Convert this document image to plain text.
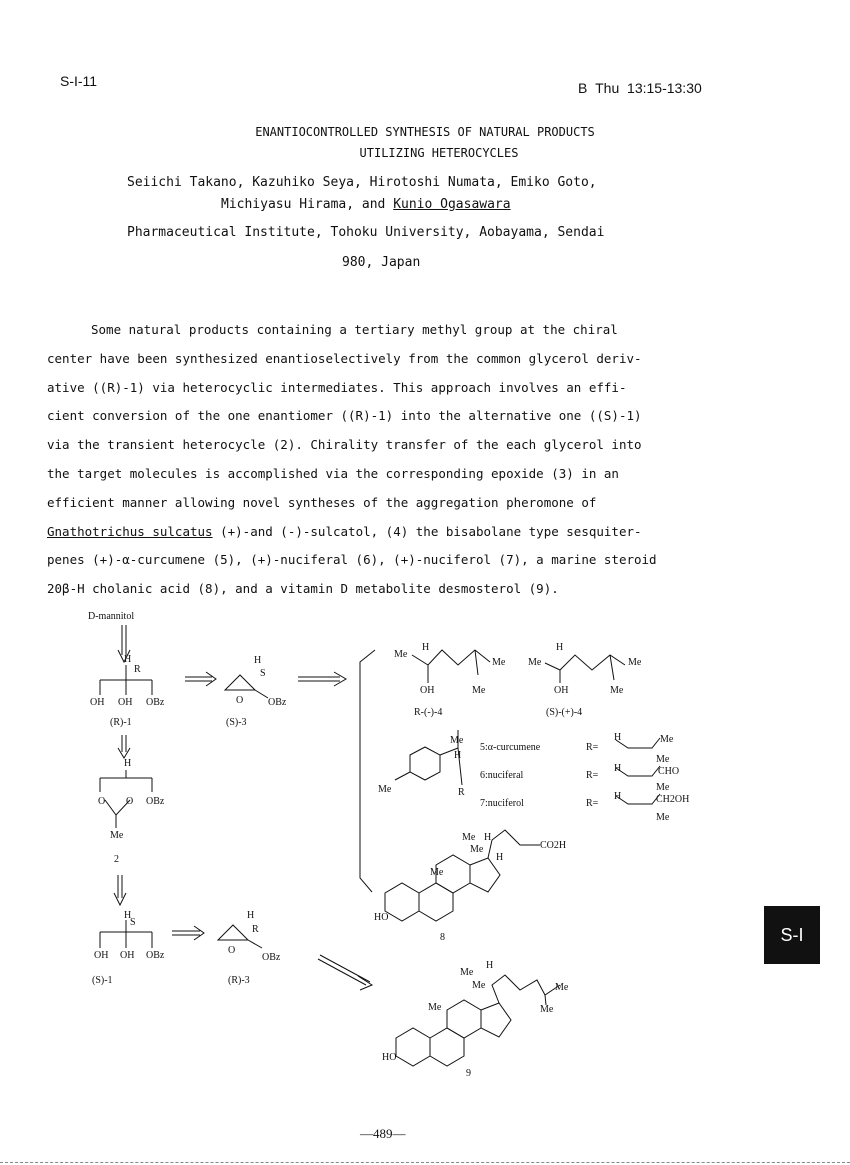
S-I-11	B Thu 13:15-13:30
ENANTIOCONTROLLED SYNTHESIS OF NATURAL PRODUCTS
UTILIZING HETEROCYCLES
Seiichi Takano, Kazuhiko Seya, Hirotoshi Numata, Emiko Goto,
Michiyasu Hirama, and Kunio Ogasawara
Pharmaceutical Institute, Tohoku University, Aobayama, Sendai
980, Japan
Some natural products containing a tertiary methyl group at the chiral
center have been synthesized enantioselectively from the common glycerol deriv-
ative ((R)-1) via heterocyclic intermediates. This approach involves an effi-
cient conversion of the one enantiomer ((R)-1) into the alternative one ((S)-1)
via the transient heterocycle (2). Chirality transfer of the each glycerol into
the target molecules is accomplished via the corresponding epoxide (3) in an
efficient manner allowing novel syntheses of the aggregation pheromone of
Gnathotrichus sulcatus (+)-and (-)-sulcatol, (4) the bisabolane type sesquiter-
penes (+)-α-curcumene (5), (+)-nuciferal (6), (+)-nuciferol (7), a marine steroid
20β-H cholanic acid (8), and a vitamin D metabolite desmosterol (9).
D-mannitol
H
R
OH OH OBz
(R)-1
H
S
O OBz
(S)-3
H
O O OBz
Me
2
H
S
OH OH OBz
(S)-1
H
R
O
OBz
(R)-3
Me
H
Me
OH	Me
R-(-)-4
Me
H
Me
OH	Me
(S)-(+)-4
Me
H
Me	R
5:α-curcumene
6:nuciferal
7:nuciferol
R=
R=
R=
H	Me
Me
H	CHO
Me
H	CH2OH
Me
Me H
Me
H
CO2H
Me
HO
8
Me
H
Me	Me
Me
Me
HO
9
—489—
S-I
